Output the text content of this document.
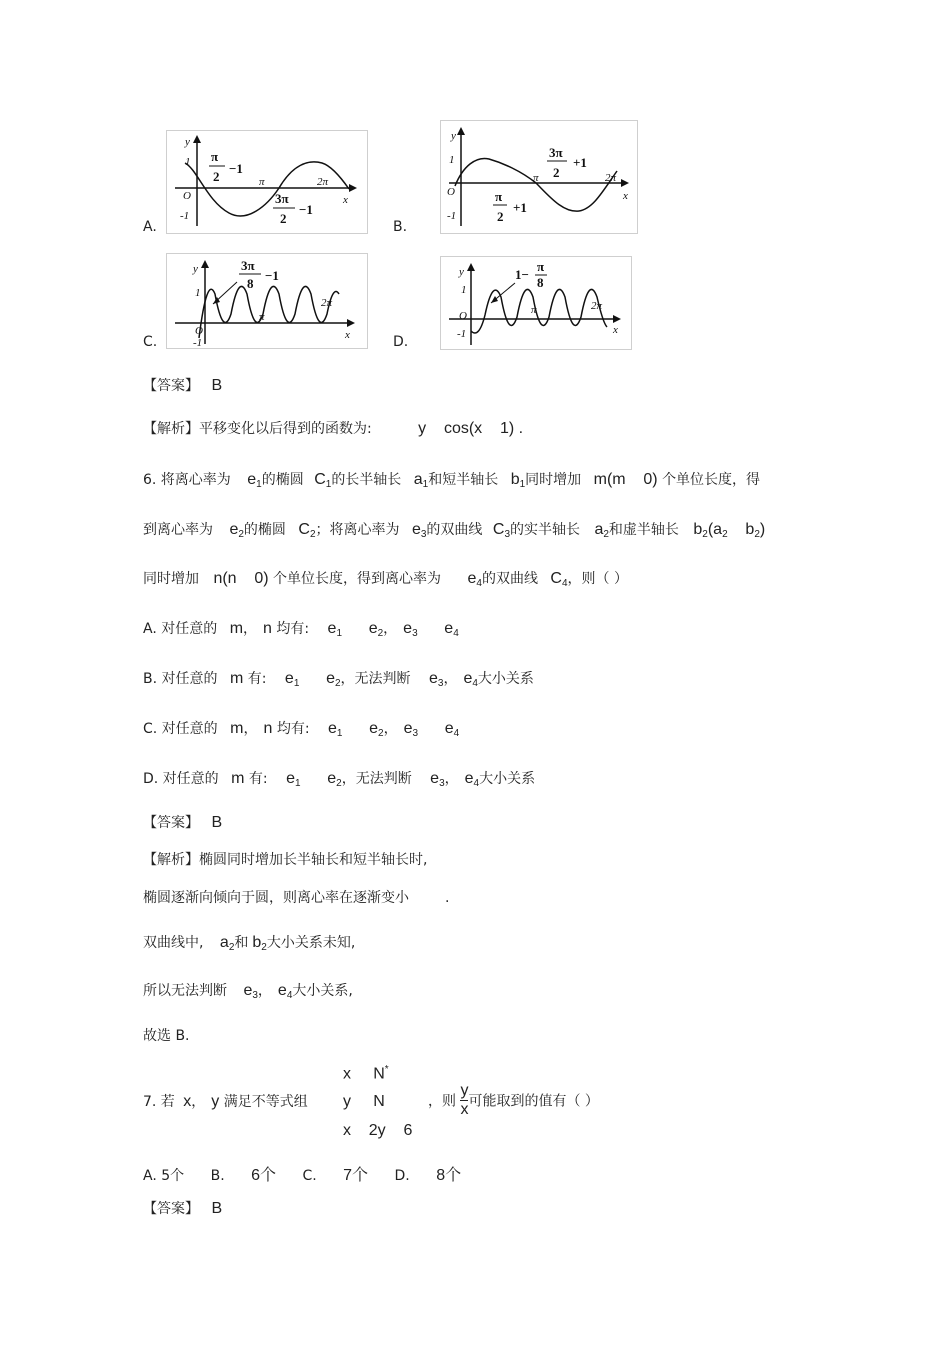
A.
y
x
O
1
-1
π	2π
π
2
−1
3π
2
−1
B.
y
x
O
1
-1
π	2π
3π
2
+1
π
2
+1
C.
y
x
O
1
-1
π
2π
3π
8
−1
D.
y
x
O
1
-1
π	2π
1−
π
8
【答案】 B
【解析】平移变化以后得到的函数为:	y    cos(x    1) .
6. 将离心率为 $e_1$的椭圆 $C_1$的长半轴长 $a_1$和短半轴长 $b_1$同时增加 m(m    0) 个单位长度，得
到离心率为 $e_2$的椭圆 $C_2$；将离心率为 $e_3$的双曲线 $C_3$的实半轴长 $a_2$和虚半轴长 $b_2(a_2$    $b_2$)
同时增加 n(n    0) 个单位长度，得到离心率为 $e_4$的双曲线 $C_4$，则（ ）
A. 对任意的 m， n 均有: $e_1$      $e_2$， $e_3$      $e_4$
B. 对任意的 m 有: $e_1$      $e_2$，无法判断 $e_3$， $e_4$大小关系
C. 对任意的 m， n 均有: $e_1$      $e_2$， $e_3$      $e_4$
D. 对任意的 m 有: $e_1$      $e_2$，无法判断 $e_3$， $e_4$大小关系
【答案】 B
【解析】椭圆同时增加长半轴长和短半轴长时,
椭圆逐渐向倾向于圆，则离心率在逐渐变小	.
双曲线中, $a_2$和 $b_2$大小关系未知,
所以无法判断 $e_3$， $e_4$大小关系,
故选 B.
x     N*
y     N
x    2y    6
7. 若 x， y 满足不等式组	，则 $\frac{y}{x}$ 可能取到的值有（ ）
A. 5个 B. 6个 C. 7个 D. 8个
【答案】 B
